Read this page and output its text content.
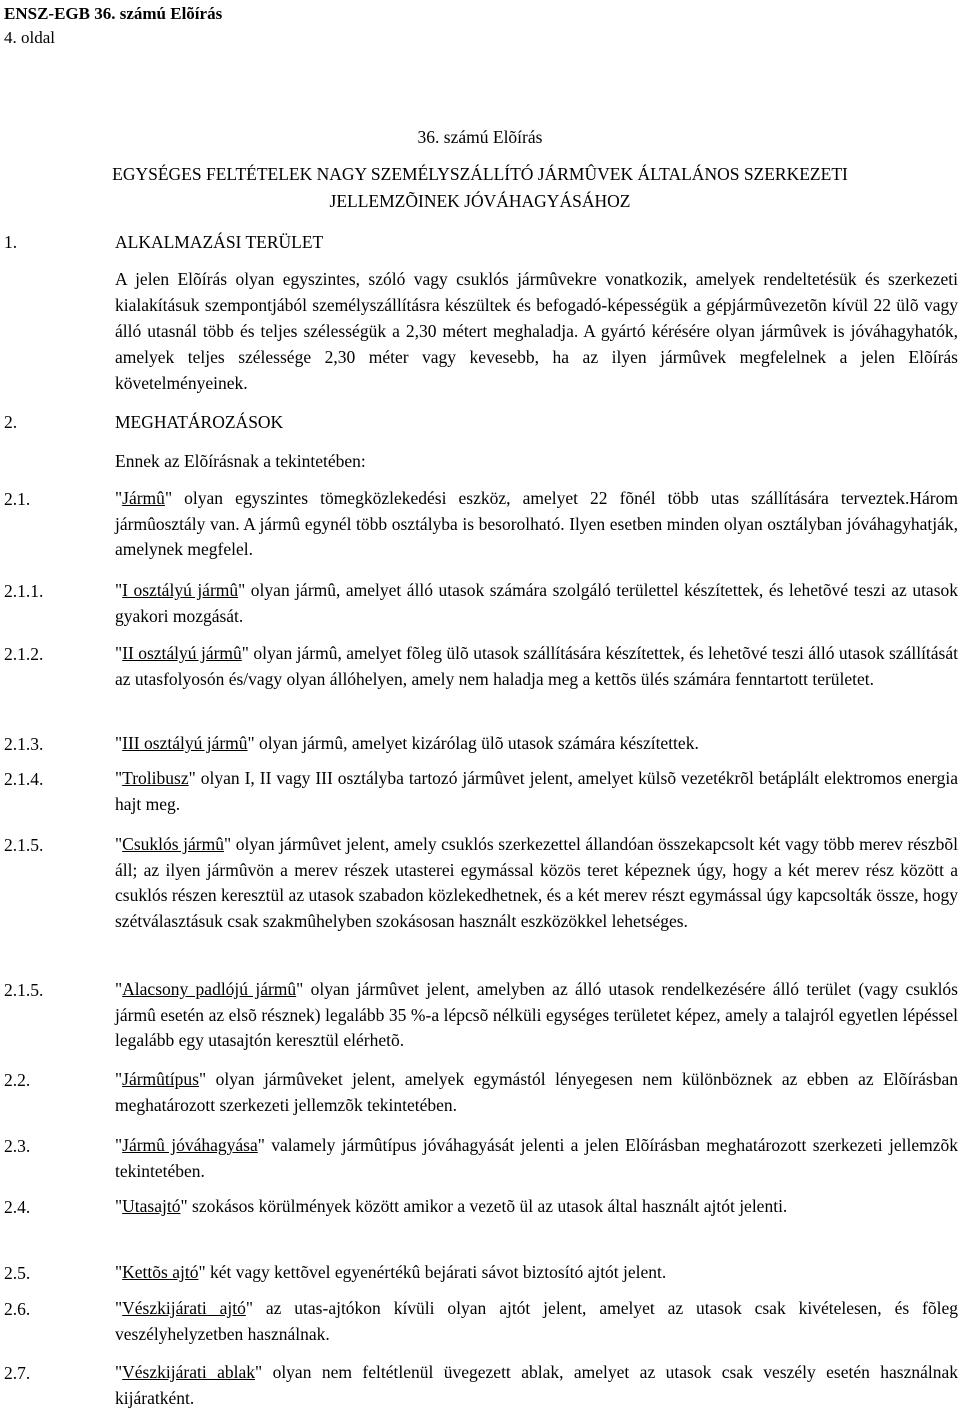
ENSZ-EGB 36. számú Elõírás
4. oldal
36. számú Elõírás
EGYSÉGES FELTÉTELEK NAGY SZEMÉLYSZÁLLÍTÓ JÁRMÛVEK ÁLTALÁNOS SZERKEZETI
JELLEMZÕINEK JÓVÁHAGYÁSÁHOZ
1.	ALKALMAZÁSI TERÜLET

A jelen Elõírás olyan egyszintes, szóló vagy csuklós jármûvekre vonatkozik, amelyek rendeltetésük és szerkezeti kialakításuk szempontjából személyszállításra készültek és befogadó-képességük a gépjármûvezetõn kívül 22 ülõ vagy álló utasnál több és teljes szélességük a 2,30 métert meghaladja. A gyártó kérésére olyan jármûvek is jóváhagyhatók, amelyek teljes szélessége 2,30 méter vagy kevesebb, ha az ilyen jármûvek megfelelnek a jelen Elõírás követelményeinek.

2.	MEGHATÁROZÁSOK
Ennek az Elõírásnak a tekintetében:
2.1.	"Jármû" olyan egyszintes tömegközlekedési eszköz, amelyet 22 fõnél több utas szállítására terveztek.Három jármûosztály van. A jármû egynél több osztályba is besorolható. Ilyen esetben minden olyan osztályban jóváhagyhatják, amelynek megfelel.
2.1.1.	"I osztályú jármû" olyan jármû, amelyet álló utasok számára szolgáló területtel készítettek, és lehetõvé teszi az utasok gyakori mozgását.
2.1.2.	"II osztályú jármû" olyan jármû, amelyet fõleg ülõ utasok szállítására készítettek, és lehetõvé teszi álló utasok szállítását az utasfolyosón és/vagy olyan állóhelyen, amely nem haladja meg a kettõs ülés számára fenntartott területet.
2.1.3.	"III osztályú jármû" olyan jármû, amelyet kizárólag ülõ utasok számára készítettek.
2.1.4.	"Trolibusz" olyan I, II vagy III osztályba tartozó jármûvet jelent, amelyet külsõ vezetékrõl betáplált elektromos energia hajt meg.
2.1.5.	"Csuklós jármû" olyan jármûvet jelent, amely csuklós szerkezettel állandóan összekapcsolt két vagy több merev részbõl áll; az ilyen jármûvön a merev részek utasterei egymással közös teret képeznek úgy, hogy a két merev rész között a csuklós részen keresztül az utasok szabadon közlekedhetnek, és a két merev részt egymással úgy kapcsolták össze, hogy szétválasztásuk csak szakmûhelyben szokásosan használt eszközökkel lehetséges.
2.1.5.	"Alacsony padlójú jármû" olyan jármûvet jelent, amelyben az álló utasok rendelkezésére álló terület (vagy csuklós jármû esetén az elsõ résznek) legalább 35 %-a lépcsõ nélküli egységes területet képez, amely a talajról egyetlen lépéssel legalább egy utasajtón keresztül elérhetõ.
2.2.	"Jármûtípus" olyan jármûveket jelent, amelyek egymástól lényegesen nem különböznek az ebben az Elõírásban meghatározott szerkezeti jellemzõk tekintetében.
2.3.	"Jármû jóváhagyása" valamely jármûtípus jóváhagyását jelenti a jelen Elõírásban meghatározott szerkezeti jellemzõk tekintetében.
2.4.	"Utasajtó" szokásos körülmények között amikor a vezetõ ül az utasok által használt ajtót jelenti.
2.5.	"Kettõs ajtó" két vagy kettõvel egyenértékû bejárati sávot biztosító ajtót jelent.
2.6.	"Vészkijárati ajtó" az utas-ajtókon kívüli olyan ajtót jelent, amelyet az utasok csak kivételesen, és fõleg veszélyhelyzetben használnak.
2.7.	"Vészkijárati ablak" olyan nem feltétlenül üvegezett ablak, amelyet az utasok csak veszély esetén használnak kijáratként.
